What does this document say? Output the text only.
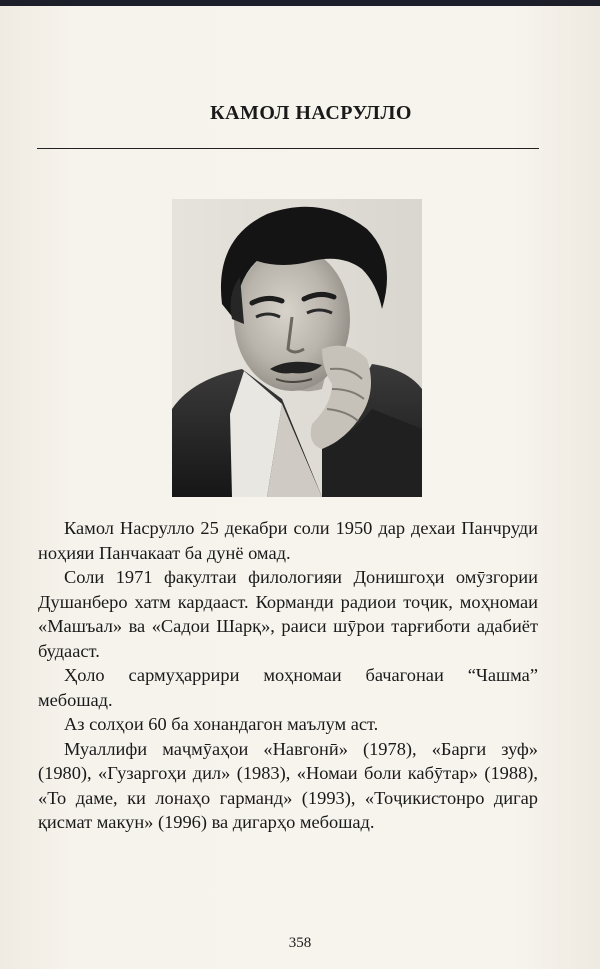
КАМОЛ НАСРУЛЛО

Камол Насрулло 25 декабри соли 1950 дар дехаи Панчруди ноҳияи Панчакаат ба дунё омад.

Соли 1971 факултаи филологияи Донишгоҳи омӯзгории Душанберо хатм кардааст. Корманди радиои тоҷик, моҳномаи «Машъал» ва «Садои Шарқ», раиси шӯрои тарғиботи адабиёт будааст.

Ҳоло сармуҳаррири моҳномаи бачагонаи “Чашма” мебошад.

Аз солҳои 60 ба хонандагон маълум аст.

Муаллифи маҷмӯаҳои «Навгонӣ» (1978), «Барги зуф» (1980), «Гузаргоҳи дил» (1983), «Номаи боли кабӯтар» (1988), «То даме, ки лонаҳо гарманд» (1993), «Тоҷикистонро дигар қисмат макун» (1996) ва дигарҳо мебошад.

358
